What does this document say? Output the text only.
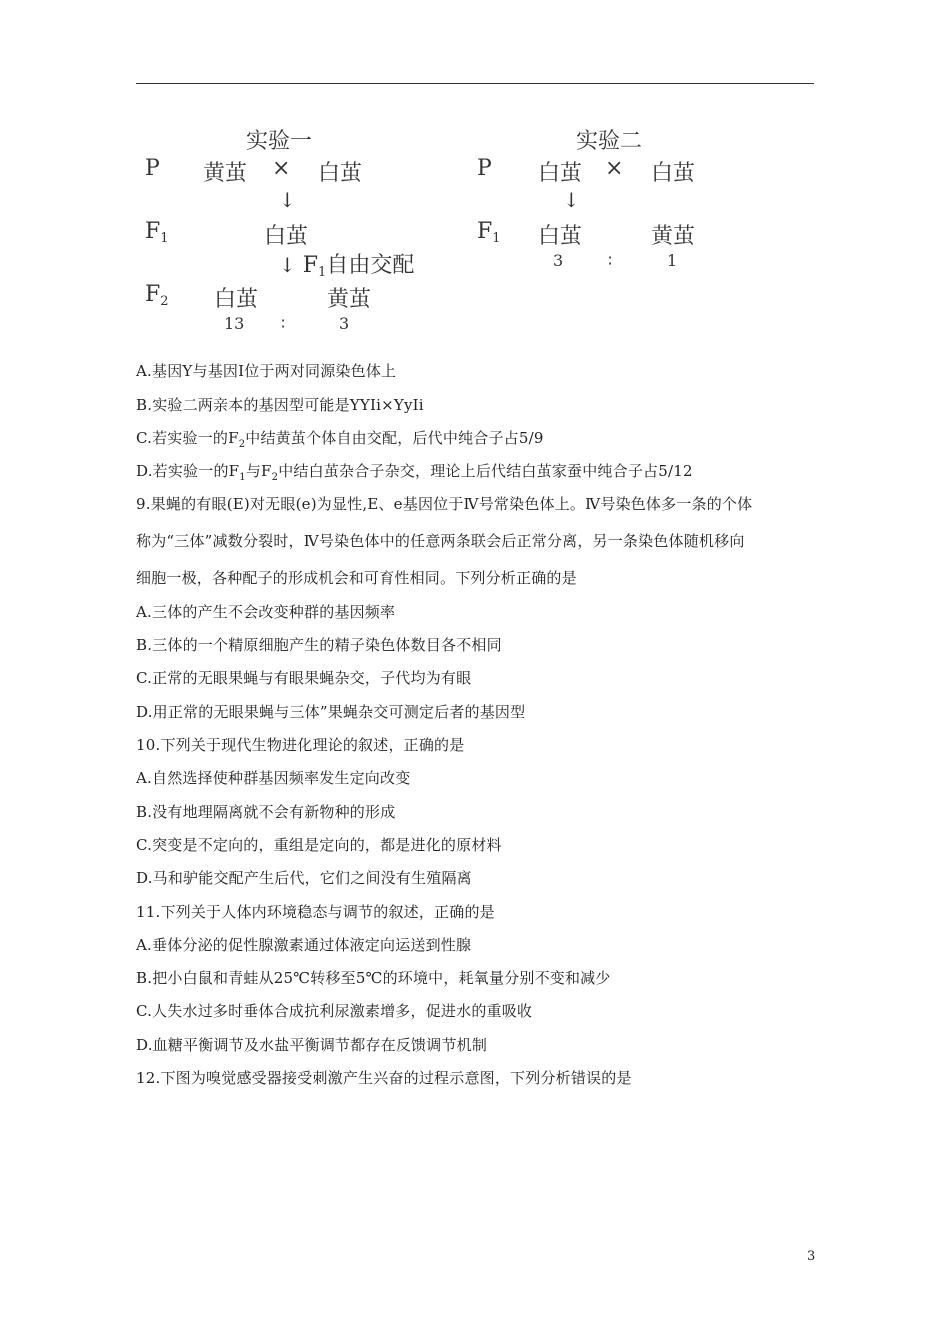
实验一
P 黄茧 × 白茧
↓
$F_1$	白茧
↓ $F_1$自由交配
$F_2$ 白茧	黄茧
13 ∶	3
实验二
P 白茧 × 白茧
↓
$F_1$ 白茧	黄茧
3	∶	1
A.基因Y与基因I位于两对同源染色体上
B.实验二两亲本的基因型可能是YYIi×YyIi
C.若实验一的$F_2$中结黄茧个体自由交配，后代中纯合子占5/9
D.若实验一的$F_1$与$F_2$中结白茧杂合子杂交，理论上后代结白茧家蚕中纯合子占5/12
9.果蝇的有眼(E)对无眼(e)为显性,E、e基因位于Ⅳ号常染色体上。Ⅳ号染色体多一条的个体
称为“三体”减数分裂时，Ⅳ号染色体中的任意两条联会后正常分离，另一条染色体随机移向
细胞一极，各种配子的形成机会和可育性相同。下列分析正确的是
A.三体的产生不会改变种群的基因频率
B.三体的一个精原细胞产生的精子染色体数目各不相同
C.正常的无眼果蝇与有眼果蝇杂交，子代均为有眼
D.用正常的无眼果蝇与三体”果蝇杂交可测定后者的基因型
10.下列关于现代生物进化理论的叙述，正确的是
A.自然选择使种群基因频率发生定向改变
B.没有地理隔离就不会有新物种的形成
C.突变是不定向的，重组是定向的，都是进化的原材料
D.马和驴能交配产生后代，它们之间没有生殖隔离
11.下列关于人体内环境稳态与调节的叙述，正确的是
A.垂体分泌的促性腺激素通过体液定向运送到性腺
B.把小白鼠和青蛙从25℃转移至5℃的环境中，耗氧量分别不变和减少
C.人失水过多时垂体合成抗利尿激素增多，促进水的重吸收
D.血糖平衡调节及水盐平衡调节都存在反馈调节机制
12.下图为嗅觉感受器接受刺激产生兴奋的过程示意图，下列分析错误的是
3
